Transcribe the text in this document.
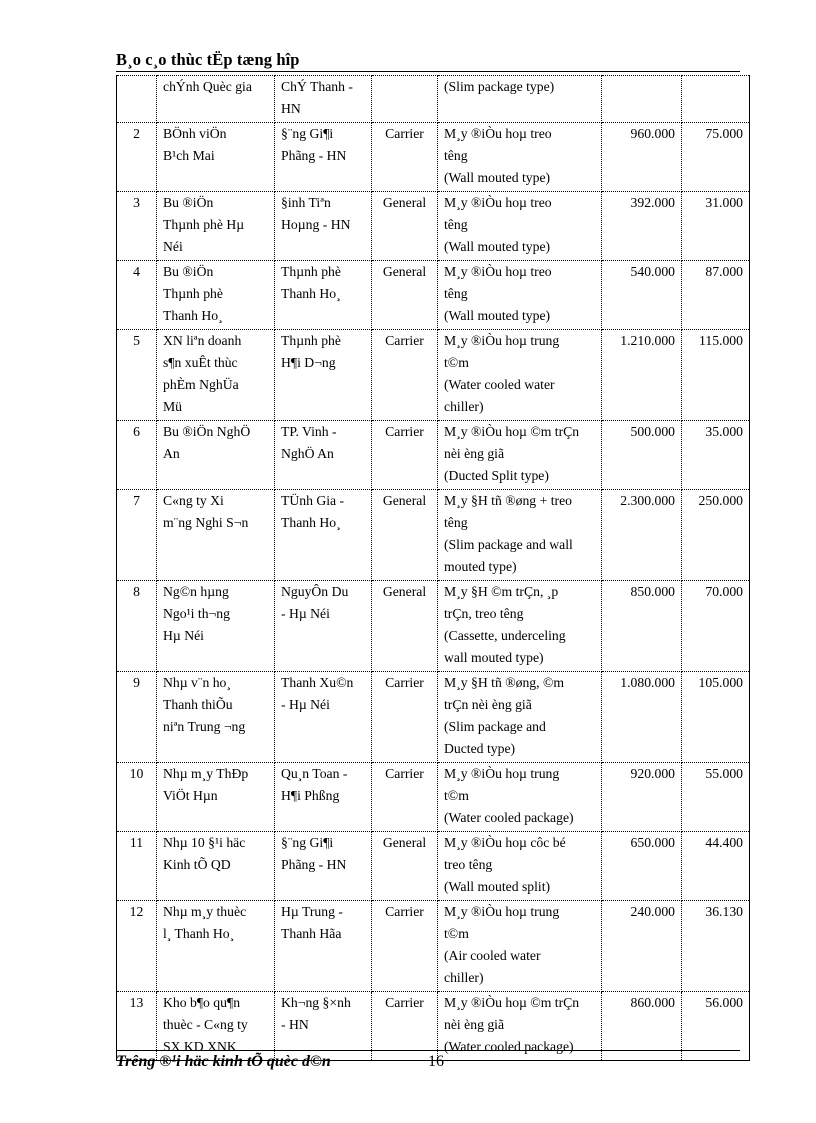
B¸o c¸o thùc tËp tæng hîp

	chÝnh Quèc gia	ChÝ Thanh -
HN		(Slim package type)		

2	BÖnh viÖn
B¹ch Mai	§¨ng Gi¶i
Phãng - HN	Carrier	M¸y ®iÒu hoµ treo
têng
(Wall mouted type)	960.000	75.000
3	Bu ®iÖn
Thµnh phè Hµ
Néi	§inh Tiªn
Hoµng - HN	General	M¸y ®iÒu hoµ treo
têng
(Wall mouted type)	392.000	31.000
4	Bu ®iÖn
Thµnh phè
Thanh Ho¸	Thµnh phè
Thanh Ho¸	General	M¸y ®iÒu hoµ treo
têng
(Wall mouted type)	540.000	87.000
5	XN liªn doanh
s¶n xuÊt thùc
phÈm NghÜa
Mü	Thµnh phè
H¶i D¬ng	Carrier	M¸y ®iÒu hoµ trung
t©m
(Water cooled water
chiller)	1.210.000	115.000
6	Bu ®iÖn NghÖ
An	TP. Vinh -
NghÖ An	Carrier	M¸y ®iÒu hoµ ©m trÇn
nèi èng giã
(Ducted Split type)	500.000	35.000
7	C«ng ty Xi
m¨ng Nghi S¬n	TÜnh Gia -
Thanh Ho¸	General	M¸y §H tñ ®øng + treo
têng
(Slim package and wall
mouted type)	2.300.000	250.000
8	Ng©n hµng
Ngo¹i th¬ng
Hµ Néi	NguyÔn Du
- Hµ Néi	General	M¸y §H ©m trÇn, ¸p
trÇn, treo têng
(Cassette, underceling
wall mouted type)	850.000	70.000
9	Nhµ v¨n ho¸
Thanh thiÕu
niªn Trung ¬ng	Thanh Xu©n
- Hµ Néi	Carrier	M¸y §H tñ ®øng, ©m
trÇn nèi èng giã
(Slim package and
Ducted type)	1.080.000	105.000
10	Nhµ m¸y ThÐp
ViÖt Hµn	Qu¸n Toan -
H¶i Phßng	Carrier	M¸y ®iÒu hoµ trung
t©m
(Water cooled package)	920.000	55.000
11	Nhµ 10 §¹i häc
Kinh tÕ QD	§¨ng Gi¶i
Phãng - HN	General	M¸y ®iÒu hoµ côc bé
treo têng
(Wall mouted split)	650.000	44.400
12	Nhµ m¸y thuèc
l¸ Thanh Ho¸	Hµ Trung -
Thanh Hãa	Carrier	M¸y ®iÒu hoµ trung
t©m
(Air cooled water
chiller)	240.000	36.130
13	Kho b¶o qu¶n
thuèc - C«ng ty
SX KD XNK	Kh¬ng §×nh
- HN	Carrier	M¸y ®iÒu hoµ ©m trÇn
nèi èng giã
(Water cooled package)	860.000	56.000
Trêng ®¹i häc kinh tÕ quèc d©n	16
